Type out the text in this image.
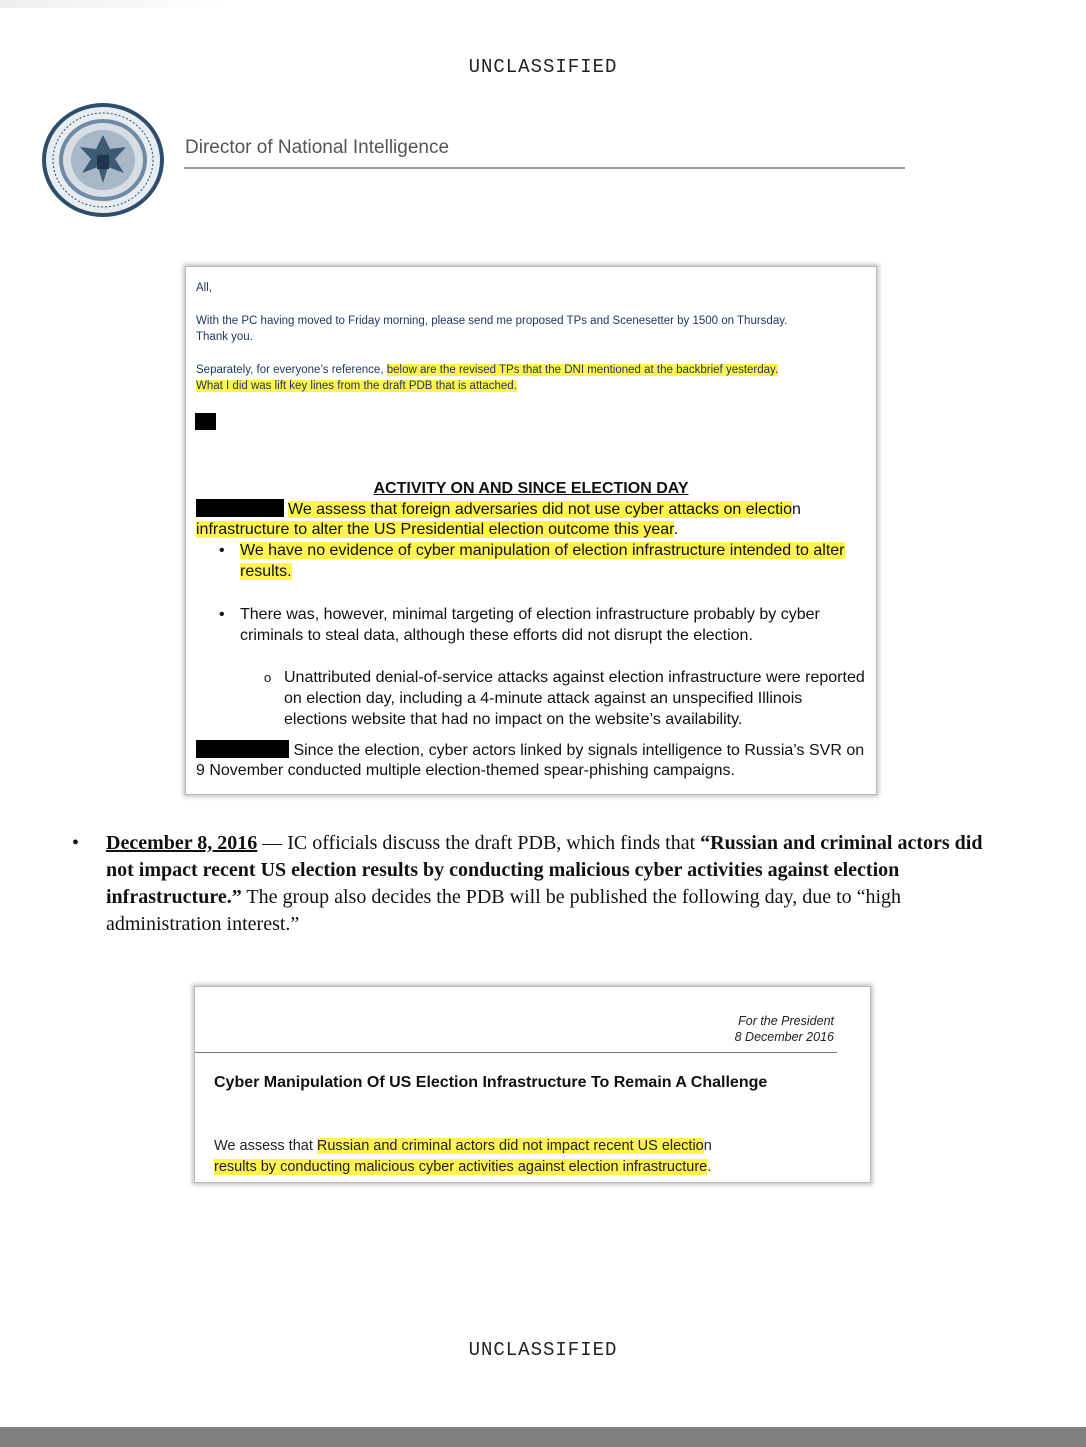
UNCLASSIFIED
Director of National Intelligence
All,
With the PC having moved to Friday morning, please send me proposed TPs and Scenesetter by 1500 on Thursday. Thank you.
Separately, for everyone’s reference, below are the revised TPs that the DNI mentioned at the backbrief yesterday. What I did was lift key lines from the draft PDB that is attached.
ACTIVITY ON AND SINCE ELECTION DAY
We assess that foreign adversaries did not use cyber attacks on election
infrastructure to alter the US Presidential election outcome this year.
• We have no evidence of cyber manipulation of election infrastructure intended to alter results.
• There was, however, minimal targeting of election infrastructure probably by cyber criminals to steal data, although these efforts did not disrupt the election.
o Unattributed denial-of-service attacks against election infrastructure were reported on election day, including a 4-minute attack against an unspecified Illinois elections website that had no impact on the website’s availability.
Since the election, cyber actors linked by signals intelligence to Russia’s SVR on 9 November conducted multiple election-themed spear-phishing campaigns.
• December 8, 2016 — IC officials discuss the draft PDB, which finds that “Russian and criminal actors did not impact recent US election results by conducting malicious cyber activities against election infrastructure.” The group also decides the PDB will be published the following day, due to “high administration interest.”
For the President
8 December 2016
Cyber Manipulation Of US Election Infrastructure To Remain A Challenge
We assess that Russian and criminal actors did not impact recent US election
results by conducting malicious cyber activities against election infrastructure.
UNCLASSIFIED
